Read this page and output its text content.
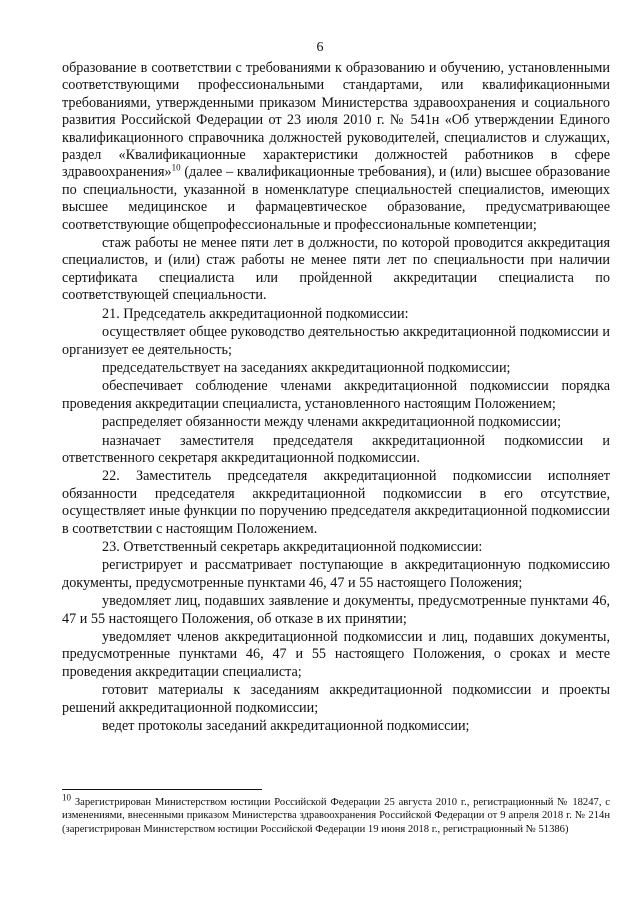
6

образование в соответствии с требованиями к образованию и обучению, установленными соответствующими профессиональными стандартами, или квалификационными требованиями, утвержденными приказом Министерства здравоохранения и социального развития Российской Федерации от 23 июля 2010 г. № 541н «Об утверждении Единого квалификационного справочника должностей руководителей, специалистов и служащих, раздел «Квалификационные характеристики должностей работников в сфере здравоохранения»$^{10}$ (далее – квалификационные требования), и (или) высшее образование по специальности, указанной в номенклатуре специальностей специалистов, имеющих высшее медицинское и фармацевтическое образование, предусматривающее соответствующие общепрофессиональные и профессиональные компетенции;

стаж работы не менее пяти лет в должности, по которой проводится аккредитация специалистов, и (или) стаж работы не менее пяти лет по специальности при наличии сертификата специалиста или пройденной аккредитации специалиста по соответствующей специальности.

21. Председатель аккредитационной подкомиссии:

осуществляет общее руководство деятельностью аккредитационной подкомиссии и организует ее деятельность;

председательствует на заседаниях аккредитационной подкомиссии;

обеспечивает соблюдение членами аккредитационной подкомиссии порядка проведения аккредитации специалиста, установленного настоящим Положением;

распределяет обязанности между членами аккредитационной подкомиссии;

назначает заместителя председателя аккредитационной подкомиссии и ответственного секретаря аккредитационной подкомиссии.

22. Заместитель председателя аккредитационной подкомиссии исполняет обязанности председателя аккредитационной подкомиссии в его отсутствие, осуществляет иные функции по поручению председателя аккредитационной подкомиссии в соответствии с настоящим Положением.

23. Ответственный секретарь аккредитационной подкомиссии:

регистрирует и рассматривает поступающие в аккредитационную подкомиссию документы, предусмотренные пунктами 46, 47 и 55 настоящего Положения;

уведомляет лиц, подавших заявление и документы, предусмотренные пунктами 46, 47 и 55 настоящего Положения, об отказе в их принятии;

уведомляет членов аккредитационной подкомиссии и лиц, подавших документы, предусмотренные пунктами 46, 47 и 55 настоящего Положения, о сроках и месте проведения аккредитации специалиста;

готовит материалы к заседаниям аккредитационной подкомиссии и проекты решений аккредитационной подкомиссии;

ведет протоколы заседаний аккредитационной подкомиссии;

$^{10}$ Зарегистрирован Министерством юстиции Российской Федерации 25 августа 2010 г., регистрационный № 18247, с изменениями, внесенными приказом Министерства здравоохранения Российской Федерации от 9 апреля 2018 г. № 214н (зарегистрирован Министерством юстиции Российской Федерации 19 июня 2018 г., регистрационный № 51386)
